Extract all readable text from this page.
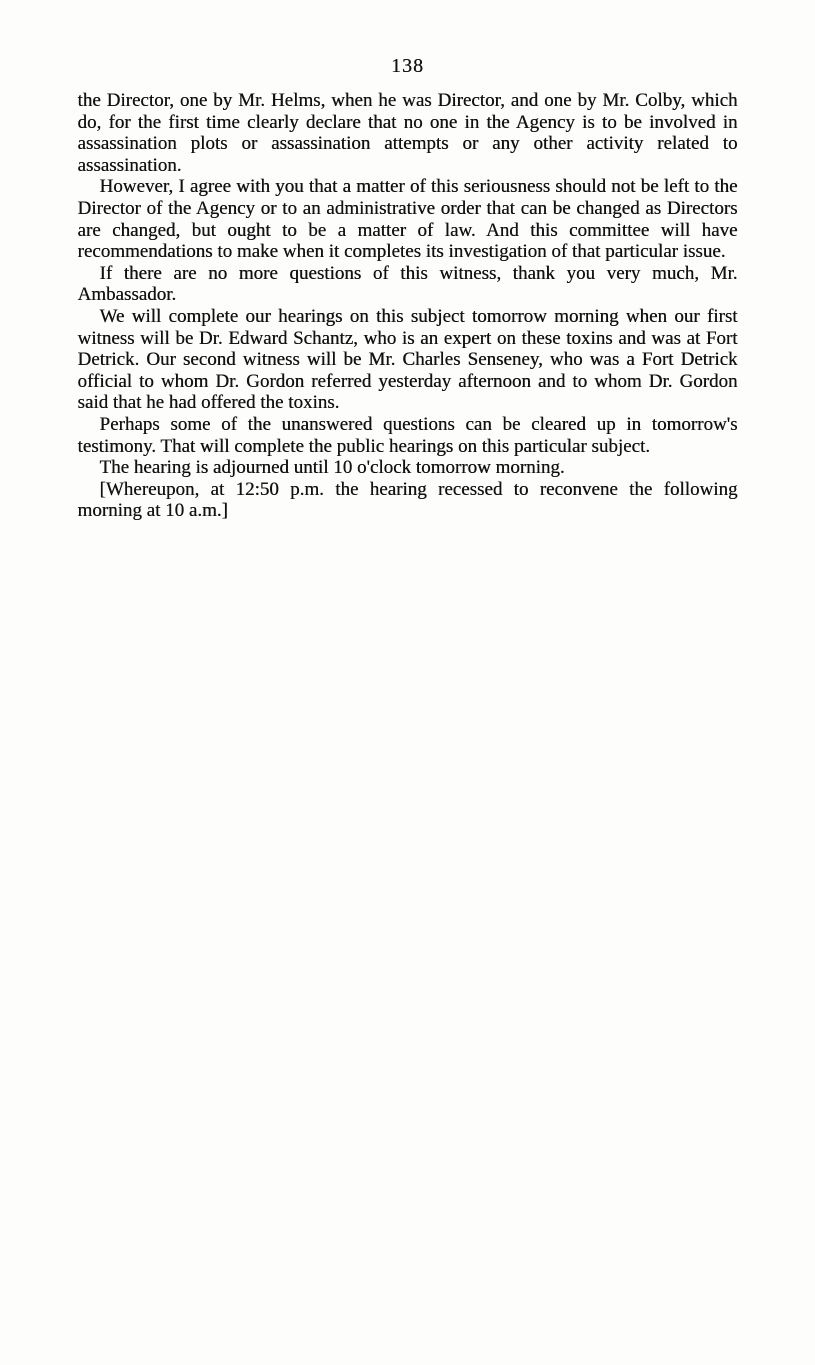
138

the Director, one by Mr. Helms, when he was Director, and one by Mr. Colby, which do, for the first time clearly declare that no one in the Agency is to be involved in assassination plots or assassination attempts or any other activity related to assassination.

However, I agree with you that a matter of this seriousness should not be left to the Director of the Agency or to an administrative order that can be changed as Directors are changed, but ought to be a matter of law. And this committee will have recommendations to make when it completes its investigation of that particular issue.

If there are no more questions of this witness, thank you very much, Mr. Ambassador.

We will complete our hearings on this subject tomorrow morning when our first witness will be Dr. Edward Schantz, who is an expert on these toxins and was at Fort Detrick. Our second witness will be Mr. Charles Senseney, who was a Fort Detrick official to whom Dr. Gordon referred yesterday afternoon and to whom Dr. Gordon said that he had offered the toxins.

Perhaps some of the unanswered questions can be cleared up in tomorrow's testimony. That will complete the public hearings on this particular subject.

The hearing is adjourned until 10 o'clock tomorrow morning.

[Whereupon, at 12:50 p.m. the hearing recessed to reconvene the following morning at 10 a.m.]
